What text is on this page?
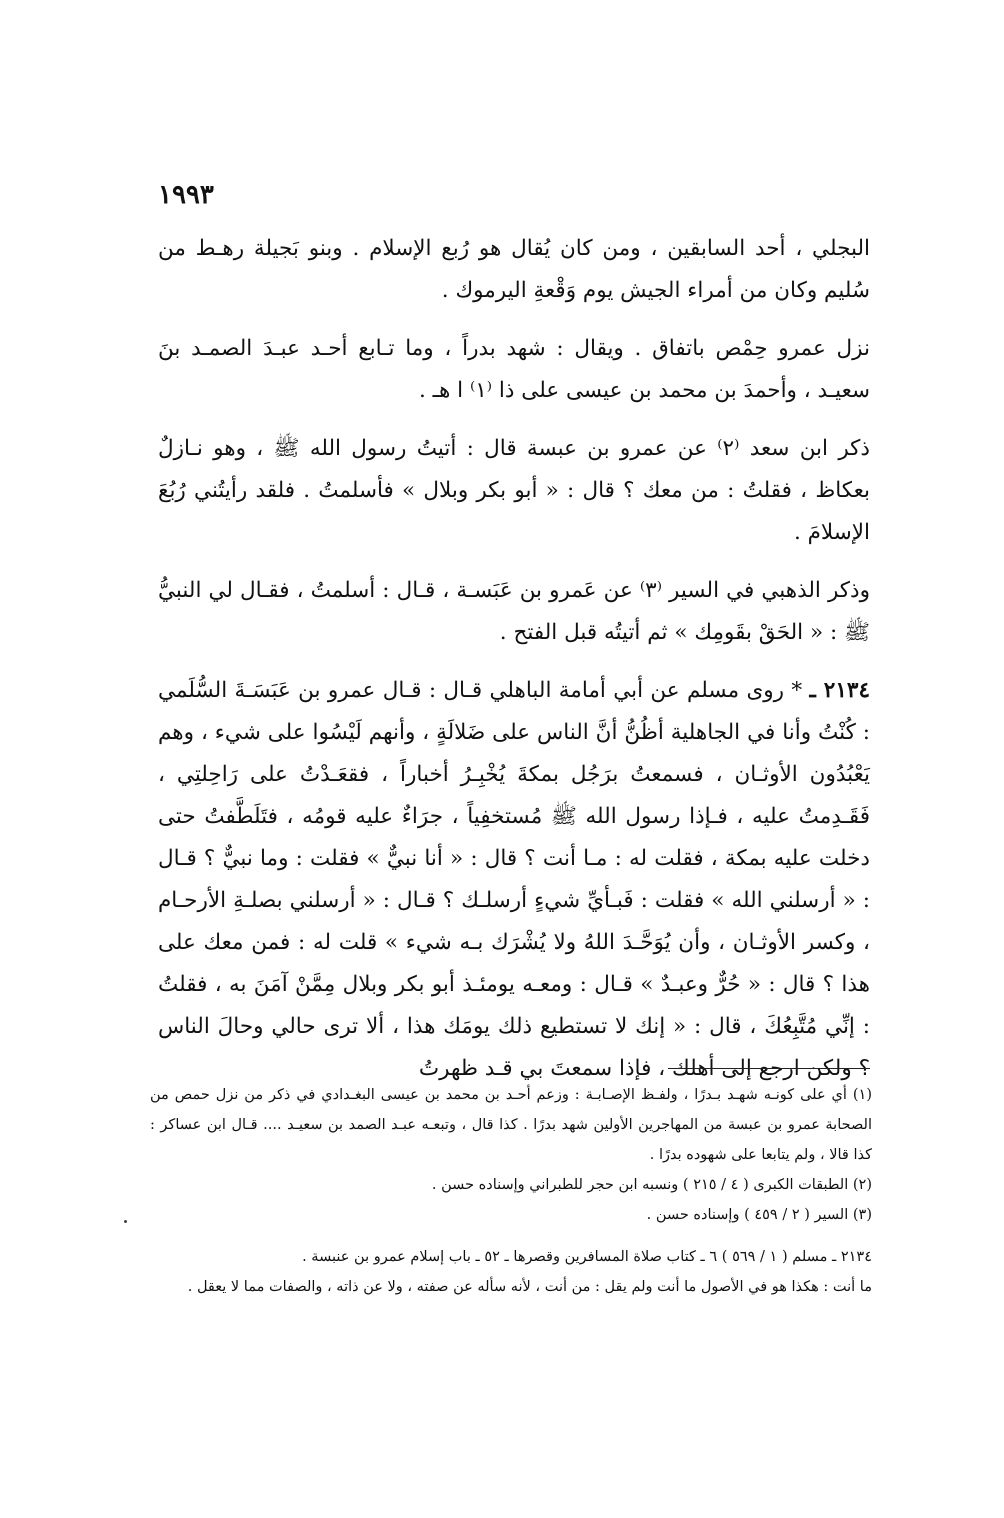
١٩٩٣

البجلي ، أحد السابقين ، ومن كان يُقال هو رُبع الإسلام . وبنو بَجيلة رهـط من سُليم وكان من أمراء الجيش يوم وَقْعةِ اليرموك .

نزل عمرو حِمْص باتفاق . ويقال : شهد بدراً ، وما تـابع أحـد عبـدَ الصمـد بنَ سعيـد ، وأحمدَ بن محمد بن عيسى على ذا ⁽١⁾ ا هـ .

ذكر ابن سعد ⁽٢⁾ عن عمرو بن عبسة قال : أتيتُ رسول الله ﷺ ، وهو نـازلٌ بعكاظ ، فقلتُ : من معك ؟ قال : « أبو بكر وبلال » فأسلمتُ . فلقد رأيتُني رُبُعَ الإسلامَ .

وذكر الذهبي في السير ⁽٣⁾ عن عَمرو بن عَبَسـة ، قـال : أسلمتُ ، فقـال لي النبيُّ ﷺ : « الحَقْ بقَومِك » ثم أتيتُه قبل الفتح .

٢١٣٤ ـ * روى مسلم عن أبي أمامة الباهلي قـال : قـال عمرو بن عَبَسَـةَ السُّلَمي : كُنْتُ وأنا في الجاهلية أظُنُّ أنَّ الناس على ضَلالَةٍ ، وأنهم لَيْسُوا على شيء ، وهم يَعْبُدُون الأوثـان ، فسمعتُ برَجُل بمكةَ يُخْبِـرُ أخباراً ، فقعَـدْتُ على رَاحِلتِي ، فَقَـدِمتُ عليه ، فـإذا رسول الله ﷺ مُستخفِياً ، جرَاءٌ عليه قومُه ، فتَلَطَّفتُ حتى دخلت عليه بمكة ، فقلت له : مـا أنت ؟ قال : « أنا نبيٌّ » فقلت : وما نبيٌّ ؟ قـال : « أرسلني الله » فقلت : فَبـأيِّ شيءٍ أرسلـك ؟ قـال : « أرسلني بصلـةِ الأرحـام ، وكسر الأوثـان ، وأن يُوَحَّـدَ اللهُ ولا يُشْرَك بـه شيء » قلت له : فمن معك على هذا ؟ قال : « حُرٌّ وعبـدٌ » قـال : ومعـه يومئـذ أبو بكر وبلال مِمَّنْ آمَنَ به ، فقلتُ : إنِّي مُتَّبِعُكَ ، قال : « إنك لا تستطيع ذلك يومَك هذا ، ألا ترى حالي وحالَ الناس ؟ ولكن ارجع إلى أهلك ، فإذا سمعتَ بي قـد ظهرتُ

(١) أي على كونـه شهـد بـدرًا ، ولفـظ الإصـابـة : وزعم أحـد بن محمد بن عيسى البغـدادي في ذكر من نزل حمص من الصحابة عمرو بن عبسة من المهاجرين الأولين شهد بدرًا . كذا قال ، وتبعـه عبـد الصمد بن سعيـد .... قـال ابن عساكر : كذا قالا ، ولم يتابعا على شهوده بدرًا .

(٢) الطبقات الكبرى ( ٤ / ٢١٥ ) ونسبه ابن حجر للطبراني وإسناده حسن .

(٣) السير ( ٢ / ٤٥٩ ) وإسناده حسن .

٢١٣٤ ـ مسلم ( ١ / ٥٦٩ ) ٦ ـ كتاب صلاة المسافرين وقصرها ـ ٥٢ ـ باب إسلام عمرو بن عنبسة .

ما أنت : هكذا هو في الأصول ما أنت ولم يقل : من أنت ، لأنه سأله عن صفته ، ولا عن ذاته ، والصفات مما لا يعقل .
